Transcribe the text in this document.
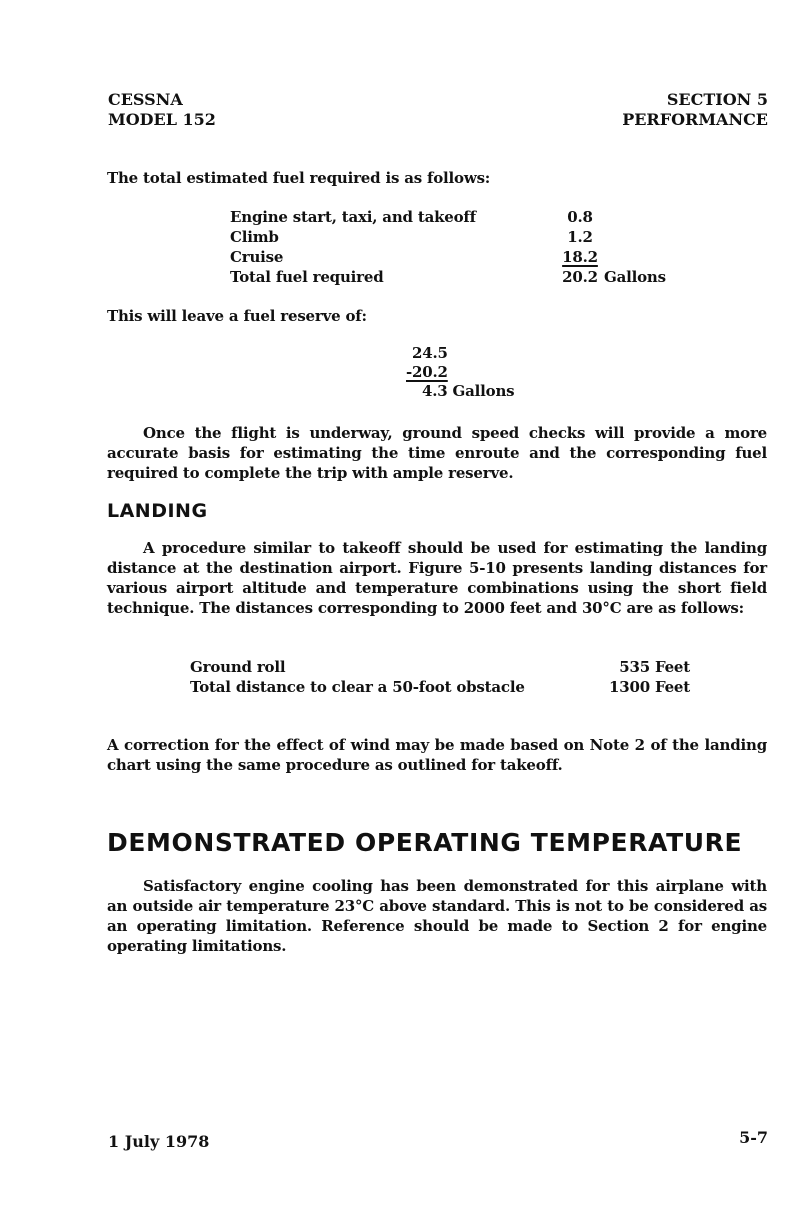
CESSNA
MODEL 152
SECTION 5
PERFORMANCE
The total estimated fuel required is as follows:
Engine start, taxi, and takeoff	0.8	
Climb	1.2	
Cruise	18.2	
Total fuel required	20.2	Gallons
This will leave a fuel reserve of:
24.5
-20.2
4.3 Gallons
Once the flight is underway, ground speed checks will provide a more accurate basis for estimating the time enroute and the corresponding fuel required to complete the trip with ample reserve.
LANDING
A procedure similar to takeoff should be used for estimating the landing distance at the destination airport. Figure 5-10 presents landing distances for various airport altitude and temperature combinations using the short field technique. The distances corresponding to 2000 feet and 30°C are as follows:
Ground roll	535 Feet
Total distance to clear a 50-foot obstacle	1300 Feet
A correction for the effect of wind may be made based on Note 2 of the landing chart using the same procedure as outlined for takeoff.
DEMONSTRATED OPERATING TEMPERATURE
Satisfactory engine cooling has been demonstrated for this airplane with an outside air temperature 23°C above standard. This is not to be considered as an operating limitation. Reference should be made to Section 2 for engine operating limitations.
1 July 1978	5-7
